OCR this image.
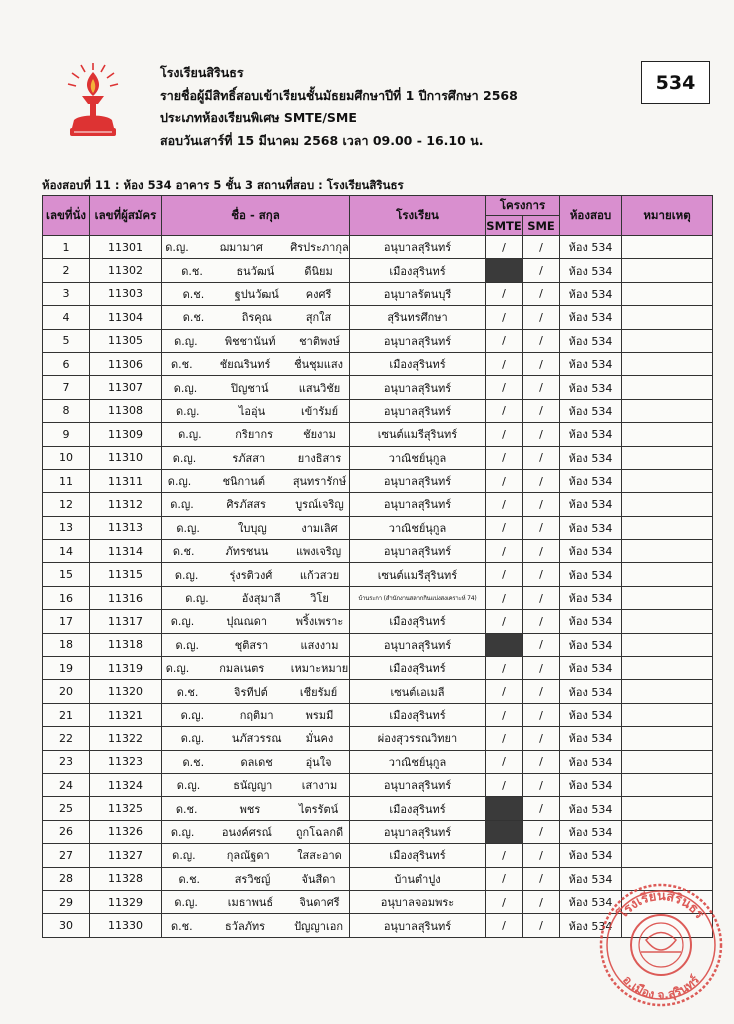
โรงเรียนสิรินธร
รายชื่อผู้มีสิทธิ์สอบเข้าเรียนชั้นมัธยมศึกษาปีที่ 1 ปีการศึกษา 2568
ประเภทห้องเรียนพิเศษ SMTE/SME
สอบวันเสาร์ที่ 15 มีนาคม 2568 เวลา 09.00 - 16.10 น.
534
ห้องสอบที่ 11 : ห้อง 534 อาคาร 5 ชั้น 3 สถานที่สอบ : โรงเรียนสิรินธร
เลขที่นั่ง	เลขที่ผู้สมัคร	ชื่อ - สกุล	โรงเรียน	โครงการ		ห้องสอบ	หมายเหตุ
				SMTE	SME		
1	11301	ด.ญ. ฌมามาศ ศิรประภากุล	อนุบาลสุรินทร์	/	/	ห้อง 534	
2	11302	ด.ช. ธนวัฒน์ ดีนิยม	เมืองสุรินทร์		/	ห้อง 534	
3	11303	ด.ช. ฐปนวัฒน์ คงศรี	อนุบาลรัตนบุรี	/	/	ห้อง 534	
4	11304	ด.ช. ถิรคุณ สุกใส	สุรินทรศึกษา	/	/	ห้อง 534	
5	11305	ด.ญ. พิชชานันท์ ชาติพงษ์	อนุบาลสุรินทร์	/	/	ห้อง 534	
6	11306	ด.ช. ชัยณรินทร์ ชื่นชุมแสง	เมืองสุรินทร์	/	/	ห้อง 534	
7	11307	ด.ญ. ปิญชาน์ แสนวิชัย	อนุบาลสุรินทร์	/	/	ห้อง 534	
8	11308	ด.ญ. ไออุ่น เข้ารัมย์	อนุบาลสุรินทร์	/	/	ห้อง 534	
9	11309	ด.ญ. กริยากร ชัยงาม	เซนต์แมรีสุรินทร์	/	/	ห้อง 534	
10	11310	ด.ญ. รภัสสา ยางธิสาร	วาณิชย์นุกูล	/	/	ห้อง 534	
11	11311	ด.ญ. ชนิกานต์ สุนทรารักษ์	อนุบาลสุรินทร์	/	/	ห้อง 534	
12	11312	ด.ญ. ศิรภัสสร บูรณ์เจริญ	อนุบาลสุรินทร์	/	/	ห้อง 534	
13	11313	ด.ญ. ใบบุญ งามเลิศ	วาณิชย์นุกูล	/	/	ห้อง 534	
14	11314	ด.ช. ภัทรชนน แพงเจริญ	อนุบาลสุรินทร์	/	/	ห้อง 534	
15	11315	ด.ญ. รุ่งรติวงศ์ แก้วสวย	เซนต์แมรีสุรินทร์	/	/	ห้อง 534	
16	11316	ด.ญ. อังสุมาลี วิโย	บ้านระกา (สำนักงานสลากกินแบ่งสงเคราะห์ 74)	/	/	ห้อง 534	
17	11317	ด.ญ. ปุณณดา พริ้งเพราะ	เมืองสุรินทร์	/	/	ห้อง 534	
18	11318	ด.ญ. ชุติสรา แสงงาม	อนุบาลสุรินทร์		/	ห้อง 534	
19	11319	ด.ญ. กมลเนตร เหมาะหมาย	เมืองสุรินทร์	/	/	ห้อง 534	
20	11320	ด.ช. จิรทีปต์ เชียรัมย์	เซนต์เอเมลี	/	/	ห้อง 534	
21	11321	ด.ญ. กฤติมา พรมมี	เมืองสุรินทร์	/	/	ห้อง 534	
22	11322	ด.ญ. นภัสวรรณ มั่นคง	ผ่องสุวรรณวิทยา	/	/	ห้อง 534	
23	11323	ด.ช. ดลเดช อุ่นใจ	วาณิชย์นุกูล	/	/	ห้อง 534	
24	11324	ด.ญ. ธนัญญา เสางาม	อนุบาลสุรินทร์	/	/	ห้อง 534	
25	11325	ด.ช. พชร ไตรรัตน์	เมืองสุรินทร์		/	ห้อง 534	
26	11326	ด.ญ. อนงค์ศรณ์ ถูกโฉลกดี	อนุบาลสุรินทร์		/	ห้อง 534	
27	11327	ด.ญ. กุลณัฐดา ใสสะอาด	เมืองสุรินทร์	/	/	ห้อง 534	
28	11328	ด.ช. สรวิชญ์ จันสีดา	บ้านตำปูง	/	/	ห้อง 534	
29	11329	ด.ญ. เมธาพนธ์ จินดาศรี	อนุบาลจอมพระ	/	/	ห้อง 534	
30	11330	ด.ช. ธวัลภัทร ปัญญาเอก	อนุบาลสุรินทร์	/	/	ห้อง 534	
โรงเรียนสิรินธร
อ.เมือง จ.สุรินทร์
